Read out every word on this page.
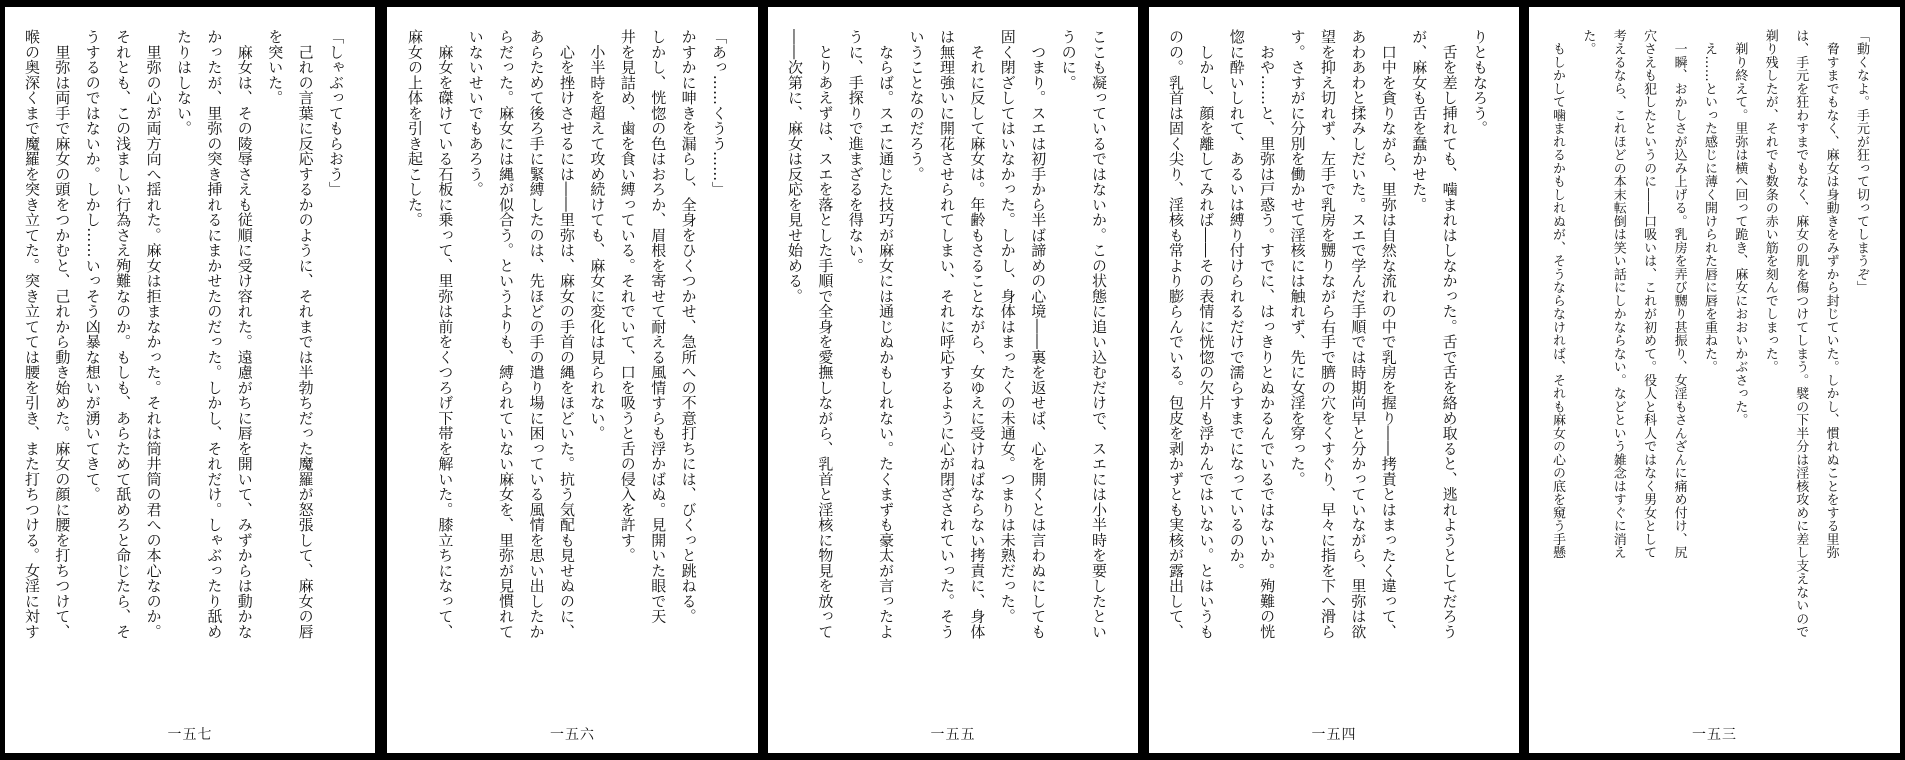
「しゃぶってもらおう」

　己れの言葉に反応するかのように、それまでは半勃ちだった魔羅が怒張して、麻女の唇

を突いた。

　麻女は、その陵辱さえも従順に受け容れた。遠慮がちに唇を開いて、みずからは動かな

かったが、里弥の突き挿れるにまかせたのだった。しかし、それだけ。しゃぶったり舐め

たりはしない。

　里弥の心が両方向へ揺れた。麻女は拒まなかった。それは筒井筒の君への本心なのか。

それとも、この浅ましい行為さえ殉難なのか。もしも、あらためて舐めろと命じたら、そ

うするのではないか。しかし……いっそう凶暴な想いが湧いてきて。

　里弥は両手で麻女の頭をつかむと、己れから動き始めた。麻女の顔に腰を打ちつけて、

喉の奥深くまで魔羅を突き立てた。突き立てては腰を引き、また打ちつける。女淫に対す

一五七

「あっ……くうう……」

かすかに呻きを漏らし、全身をひくつかせ、急所への不意打ちには、びくっと跳ねる。

しかし、恍惚の色はおろか、眉根を寄せて耐える風情すらも浮かばぬ。見開いた眼で天

井を見詰め、歯を食い縛っている。それでいて、口を吸うと舌の侵入を許す。

　小半時を超えて攻め続けても、麻女に変化は見られない。

　心を挫けさせるには――里弥は、麻女の手首の縄をほどいた。抗う気配も見せぬのに、

あらためて後ろ手に緊縛したのは、先ほどの手の遣り場に困っている風情を思い出したか

らだった。麻女には縄が似合う。というよりも、縛られていない麻女を、里弥が見慣れて

いないせいでもあろう。

　麻女を磔けている石板に乗って、里弥は前をくつろげ下帯を解いた。膝立ちになって、

麻女の上体を引き起こした。

一五六

ここも凝っているではないか。この状態に追い込むだけで、スエには小半時を要したとい

うのに。

　つまり。スエは初手から半ば諦めの心境――裏を返せば、心を開くとは言わぬにしても

固く閉ざしてはいなかった。しかし、身体はまったくの未通女。つまりは未熟だった。

　それに反して麻女は。年齢もさることながら、女ゆえに受けねばならない拷責に、身体

は無理強いに開花させられてしまい、それに呼応するように心が閉ざされていった。そう

いうことなのだろう。

　ならば。スエに通じた技巧が麻女には通じぬかもしれない。たくまずも豪太が言ったよ

うに、手探りで進まざるを得ない。

　とりあえずは、スエを落とした手順で全身を愛撫しながら、乳首と淫核に物見を放って

――次第に、麻女は反応を見せ始める。

一五五

りともなろう。

　舌を差し挿れても、噛まれはしなかった。舌で舌を絡め取ると、逃れようとしてだろう

が、麻女も舌を蠢かせた。

　口中を貪りながら、里弥は自然な流れの中で乳房を握り――拷責とはまったく違って、

あわあわと揉みしだいた。スエで学んだ手順では時期尚早と分かっていながら、里弥は欲

望を抑え切れず、左手で乳房を嬲りながら右手で臍の穴をくすぐり、早々に指を下へ滑ら

す。さすがに分別を働かせて淫核には触れず、先に女淫を穿った。

　おや……と、里弥は戸惑う。すでに、はっきりとぬかるんでいるではないか。殉難の恍

惚に酔いしれて、あるいは縛り付けられるだけで濡らすまでになっているのか。

　しかし、顔を離してみれば――その表情に恍惚の欠片も浮かんではいない。とはいうも

のの。乳首は固く尖り、淫核も常より膨らんでいる。包皮を剥かずとも実核が露出して、

一五四

「動くなよ。手元が狂って切ってしまうぞ」

　脅すまでもなく、麻女は身動きをみずから封じていた。しかし、慣れぬことをする里弥

は、手元を狂わすまでもなく、麻女の肌を傷つけてしまう。襞の下半分は淫核攻めに差し支えないので

剃り残したが、それでも数条の赤い筋を刻んでしまった。

　剃り終えて。里弥は横へ回って跪き、麻女におおいかぶさった。

　え……といった感じに薄く開けられた唇に唇を重ねた。

　一瞬、おかしさが込み上げる。乳房を弄び嬲り甚振り、女淫もさんざんに痛め付け、尻

穴さえも犯したというのに――口吸いは、これが初めて。役人と科人ではなく男女として

考えるなら、これほどの本末転倒は笑い話にしかならない。などという雑念はすぐに消え

た。

　もしかして噛まれるかもしれぬが、そうならなければ、それも麻女の心の底を窺う手懸

一五三
